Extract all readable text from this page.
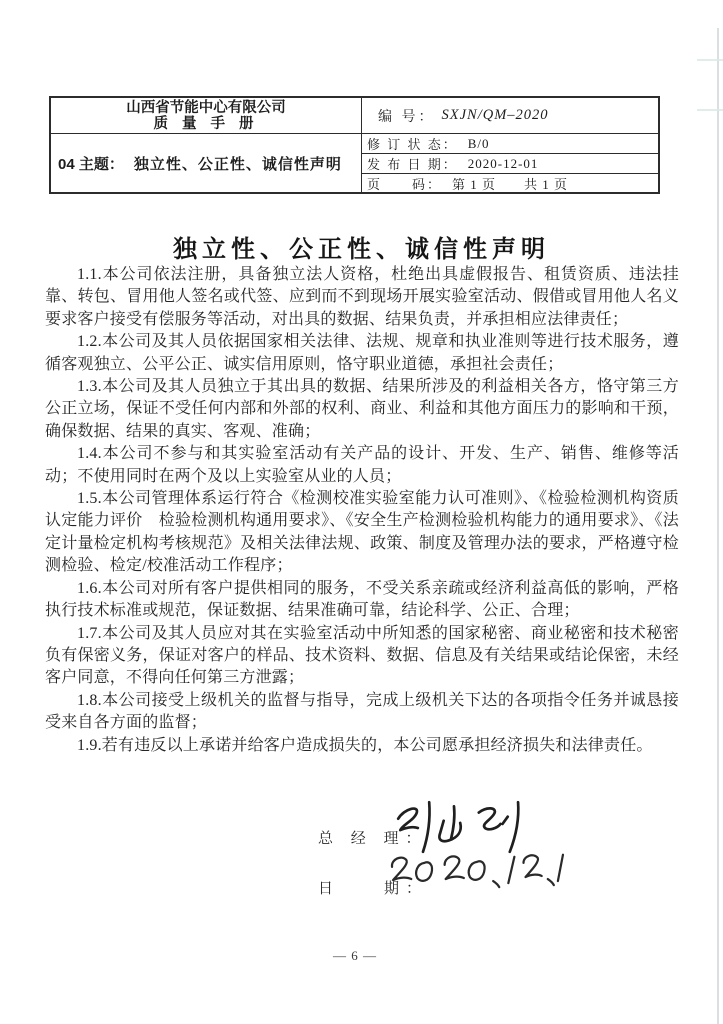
山西省节能中心有限公司
质 量 手 册	编 号： SXJN/QM–2020
04 主题： 独立性、公正性、诚信性声明
修 订 状 态： B/0
发 布 日 期： 2020-12-01
页　　码： 第 1 页　　共 1 页
独立性、公正性、诚信性声明

1.1.本公司依法注册，具备独立法人资格，杜绝出具虚假报告、租赁资质、违法挂靠、转包、冒用他人签名或代签、应到而不到现场开展实验室活动、假借或冒用他人名义要求客户接受有偿服务等活动，对出具的数据、结果负责，并承担相应法律责任；

1.2.本公司及其人员依据国家相关法律、法规、规章和执业准则等进行技术服务，遵循客观独立、公平公正、诚实信用原则，恪守职业道德，承担社会责任；

1.3.本公司及其人员独立于其出具的数据、结果所涉及的利益相关各方，恪守第三方公正立场，保证不受任何内部和外部的权利、商业、利益和其他方面压力的影响和干预，确保数据、结果的真实、客观、准确；

1.4.本公司不参与和其实验室活动有关产品的设计、开发、生产、销售、维修等活动；不使用同时在两个及以上实验室从业的人员；

1.5.本公司管理体系运行符合《检测校准实验室能力认可准则》、《检验检测机构资质认定能力评价　检验检测机构通用要求》、《安全生产检测检验机构能力的通用要求》、《法定计量检定机构考核规范》及相关法律法规、政策、制度及管理办法的要求，严格遵守检测检验、检定/校准活动工作程序；

1.6.本公司对所有客户提供相同的服务，不受关系亲疏或经济利益高低的影响，严格执行技术标准或规范，保证数据、结果准确可靠，结论科学、公正、合理；

1.7.本公司及其人员应对其在实验室活动中所知悉的国家秘密、商业秘密和技术秘密负有保密义务，保证对客户的样品、技术资料、数据、信息及有关结果或结论保密，未经客户同意，不得向任何第三方泄露；

1.8.本公司接受上级机关的监督与指导，完成上级机关下达的各项指令任务并诚恳接受来自各方面的监督；

1.9.若有违反以上承诺并给客户造成损失的，本公司愿承担经济损失和法律责任。

总 经 理：
日　　期：
— 6 —
